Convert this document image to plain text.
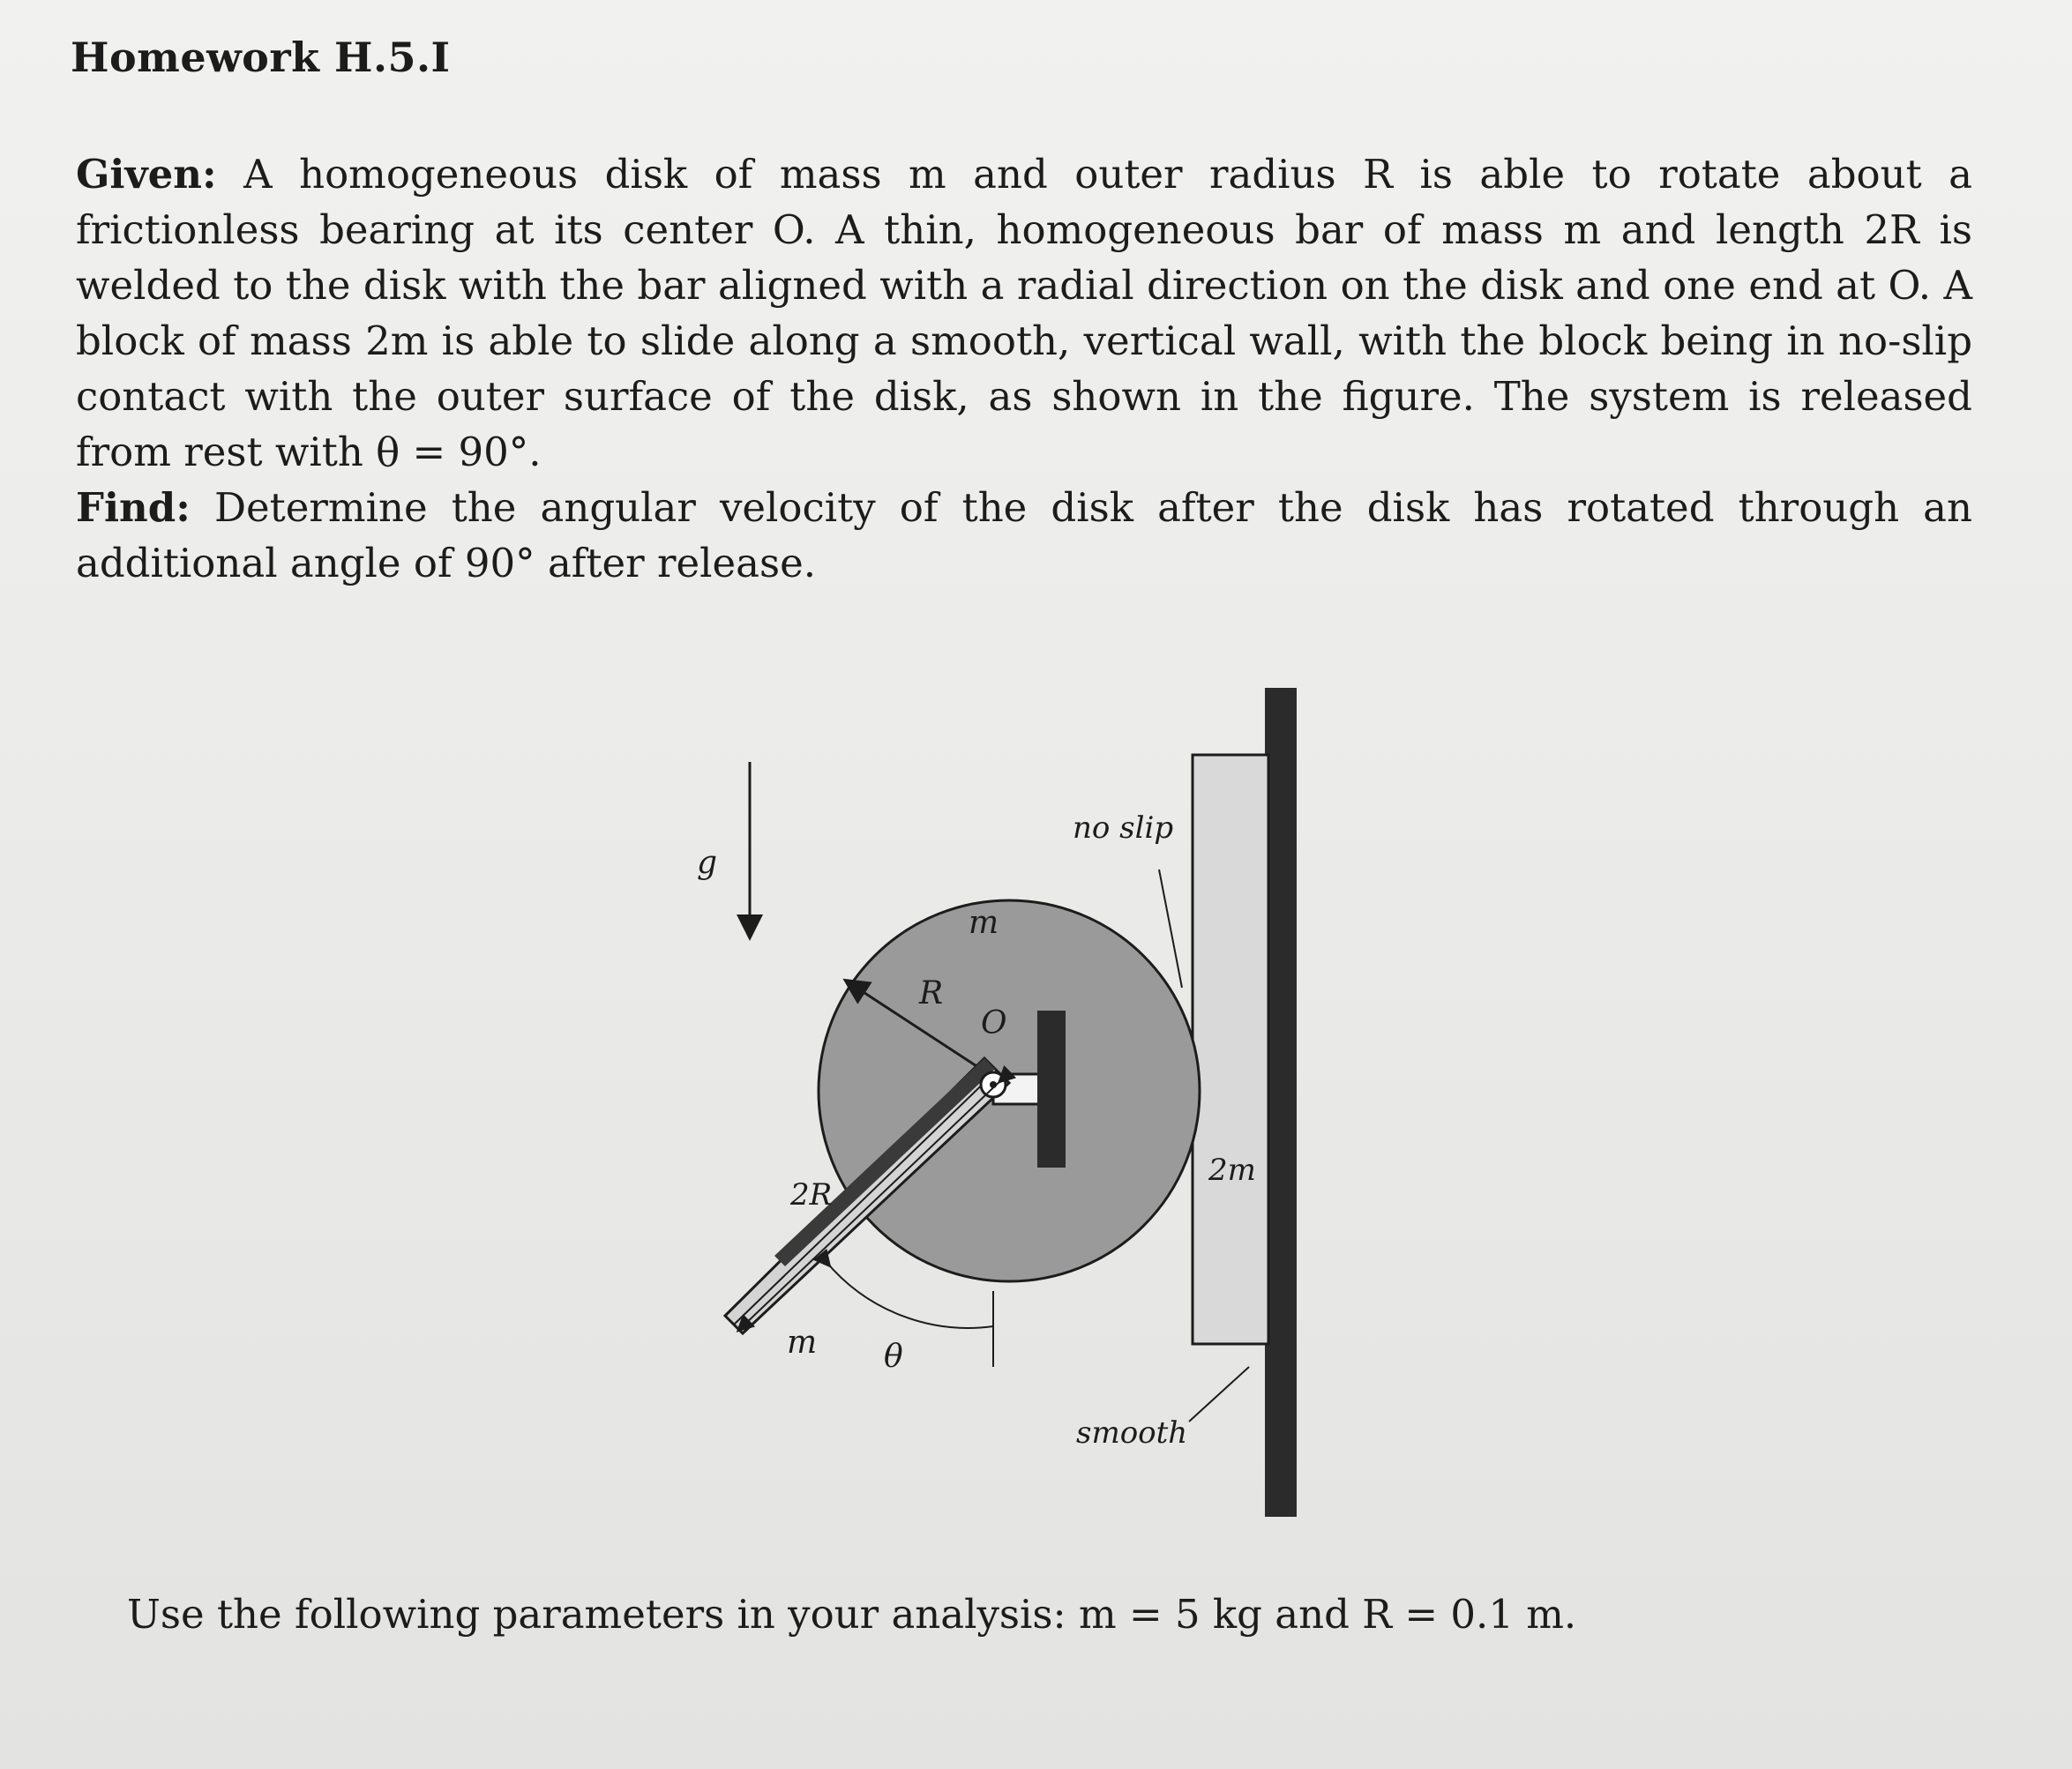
Homework H.5.I

Given: A homogeneous disk of mass m and outer radius R is able to rotate about a frictionless bearing at its center O. A thin, homogeneous bar of mass m and length 2R is welded to the disk with the bar aligned with a radial direction on the disk and one end at O. A block of mass 2m is able to slide along a smooth, vertical wall, with the block being in no-slip contact with the outer surface of the disk, as shown in the figure. The system is released from rest with θ = 90°.

Find: Determine the angular velocity of the disk after the disk has rotated through an additional angle of 90° after release.

g
R
m
O
2R
m θ
no slip
2m
smooth

Use the following parameters in your analysis: m = 5 kg and R = 0.1 m.
